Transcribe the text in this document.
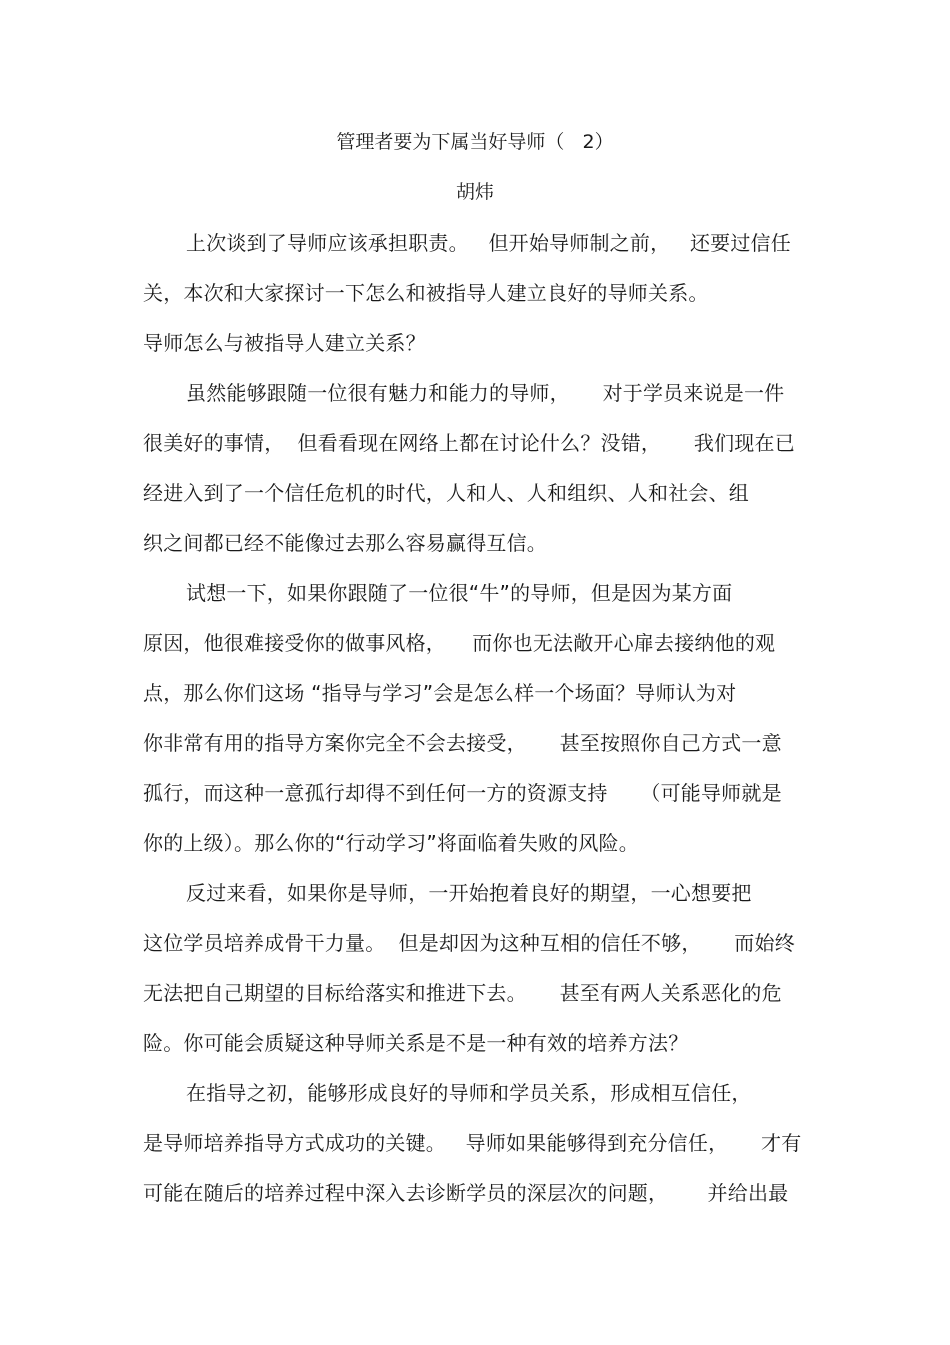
管理者要为下属当好导师（   2）
胡炜
上次谈到了导师应该承担职责。   但开始导师制之前，   还要过信任
关，本次和大家探讨一下怎么和被指导人建立良好的导师关系。
导师怎么与被指导人建立关系？
虽然能够跟随一位很有魅力和能力的导师，     对于学员来说是一件
很美好的事情，  但看看现在网络上都在讨论什么？没错，     我们现在已
经进入到了一个信任危机的时代，人和人、人和组织、人和社会、组
织之间都已经不能像过去那么容易赢得互信。
试想一下，如果你跟随了一位很“牛”的导师，但是因为某方面
原因，他很难接受你的做事风格，    而你也无法敞开心扉去接纳他的观
点，那么你们这场 “指导与学习”会是怎么样一个场面？导师认为对
你非常有用的指导方案你完全不会去接受，     甚至按照你自己方式一意
孤行，而这种一意孤行却得不到任何一方的资源支持     （可能导师就是
你的上级）。那么你的“行动学习”将面临着失败的风险。
反过来看，如果你是导师，一开始抱着良好的期望，一心想要把
这位学员培养成骨干力量。  但是却因为这种互相的信任不够，     而始终
无法把自己期望的目标给落实和推进下去。     甚至有两人关系恶化的危
险。你可能会质疑这种导师关系是不是一种有效的培养方法？
在指导之初，能够形成良好的导师和学员关系，形成相互信任，
是导师培养指导方式成功的关键。   导师如果能够得到充分信任，     才有
可能在随后的培养过程中深入去诊断学员的深层次的问题，      并给出最
